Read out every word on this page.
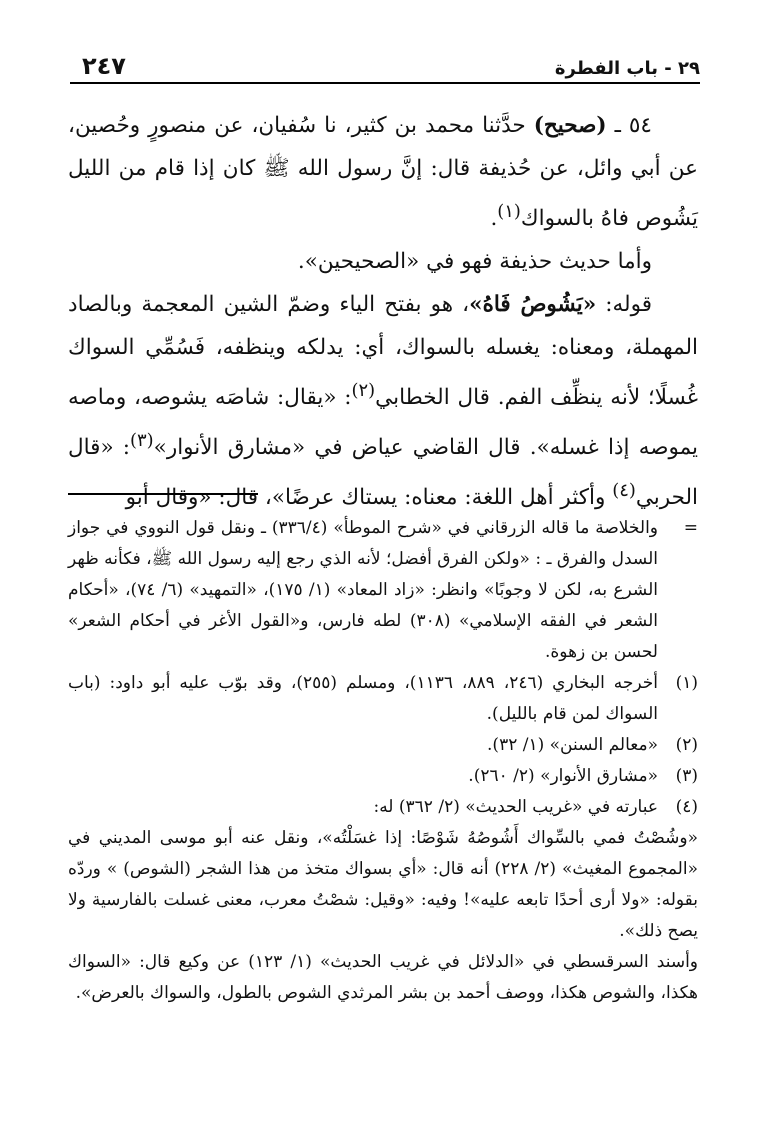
٢٤٧	٢٩ - باب الفطرة

٥٤ ـ (صحيح) حدَّثنا محمد بن كثير، نا سُفيان، عن منصورٍ وحُصين، عن أبي وائل، عن حُذيفة قال: إنَّ رسول الله ﷺ كان إذا قام من الليل يَشُوص فاهُ بالسواك$^{(١)}$.

وأما حديث حذيفة فهو في «الصحيحين».

قوله: «يَشُوصُ فَاهُ»، هو بفتح الياء وضمّ الشين المعجمة وبالصاد المهملة، ومعناه: يغسله بالسواك، أي: يدلكه وينظفه، فَسُمِّي السواك غُسلًا؛ لأنه ينظِّف الفم. قال الخطابي$^{(٢)}$: «يقال: شاصَه يشوصه، وماصه يموصه إذا غسله». قال القاضي عياض في «مشارق الأنوار»$^{(٣)}$: «قال الحربي$^{(٤)}$ وأكثر أهل اللغة: معناه: يستاك عرضًا»، قال: «وقال أبو

=
والخلاصة ما قاله الزرقاني في «شرح الموطأ» (٣٣٦/٤) ـ ونقل قول النووي في جواز السدل والفرق ـ : «ولكن الفرق أفضل؛ لأنه الذي رجع إليه رسول الله ﷺ، فكأنه ظهر الشرع به، لكن لا وجوبًا» وانظر: «زاد المعاد» (١/ ١٧٥)، «التمهيد» (٦/ ٧٤)، «أحكام الشعر في الفقه الإسلامي» (٣٠٨) لطه فارس، و«القول الأغر في أحكام الشعر» لحسن بن زهوة.
(١)
أخرجه البخاري (٢٤٦، ٨٨٩، ١١٣٦)، ومسلم (٢٥٥)، وقد بوّب عليه أبو داود: (باب السواك لمن قام بالليل).
(٢)
«معالم السنن» (١/ ٣٢).
(٣)
«مشارق الأنوار» (٢/ ٢٦٠).
(٤)
عبارته في «غريب الحديث» (٢/ ٣٦٢) له:

«وشُصْتُ فمي بالسِّواك أَشُوصُهُ شَوْصًا: إذا غسَلْتُه»، ونقل عنه أبو موسى المديني في «المجموع المغيث» (٢/ ٢٢٨) أنه قال: «أي بسواك متخذ من هذا الشجر (الشوص) » وردّه بقوله: «ولا أرى أحدًا تابعه عليه»! وفيه: «وقيل: شصْتُ معرب، معنى غسلت بالفارسية ولا يصح ذلك».

وأسند السرقسطي في «الدلائل في غريب الحديث» (١/ ١٢٣) عن وكيع قال: «السواك هكذا، والشوص هكذا، ووصف أحمد بن بشر المرثدي الشوص بالطول، والسواك بالعرض».
